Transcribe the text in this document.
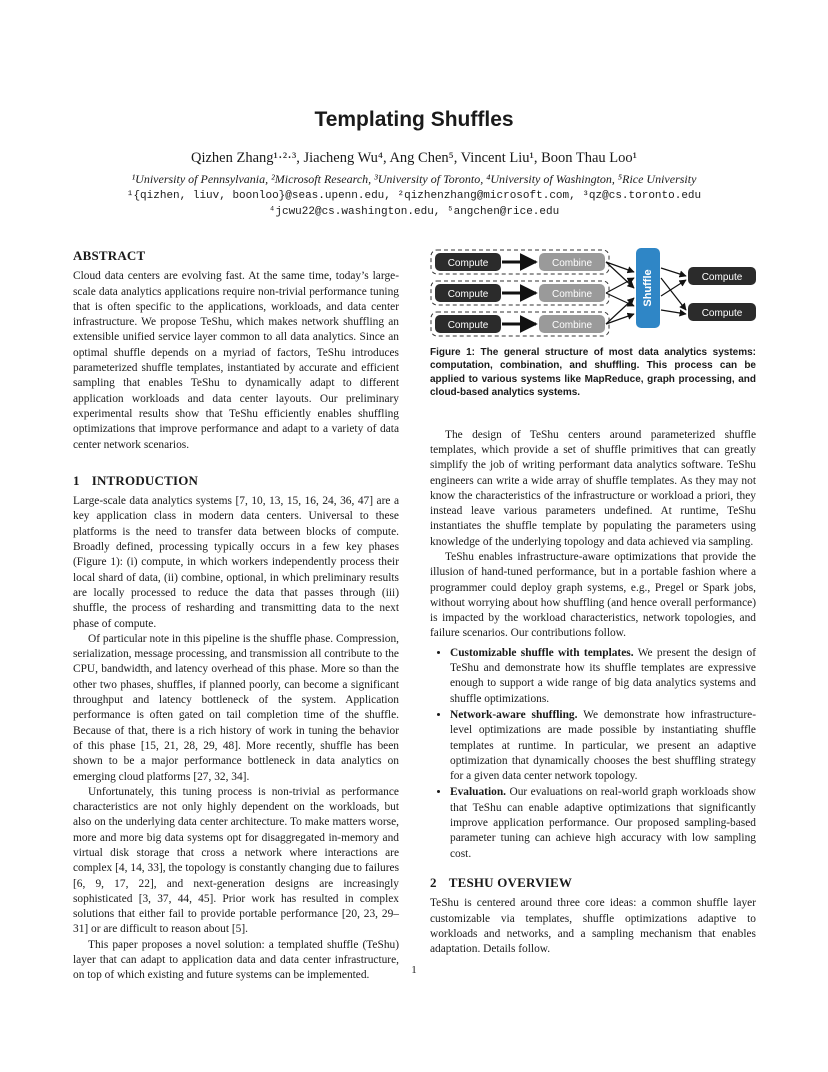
Templating Shuffles
Qizhen Zhang¹·²·³, Jiacheng Wu⁴, Ang Chen⁵, Vincent Liu¹, Boon Thau Loo¹
¹University of Pennsylvania, ²Microsoft Research, ³University of Toronto, ⁴University of Washington, ⁵Rice University
¹{qizhen, liuv, boonloo}@seas.upenn.edu, ²qizhenzhang@microsoft.com, ³qz@cs.toronto.edu
⁴jcwu22@cs.washington.edu, ⁵angchen@rice.edu
ABSTRACT

Cloud data centers are evolving fast. At the same time, today’s large-scale data analytics applications require non-trivial performance tuning that is often specific to the applications, workloads, and data center infrastructure. We propose TeShu, which makes network shuffling an extensible unified service layer common to all data analytics. Since an optimal shuffle depends on a myriad of factors, TeShu introduces parameterized shuffle templates, instantiated by accurate and efficient sampling that enables TeShu to dynamically adapt to different application workloads and data center layouts. Our preliminary experimental results show that TeShu efficiently enables shuffling optimizations that improve performance and adapt to a variety of data center network scenarios.

1 INTRODUCTION

Large-scale data analytics systems [7, 10, 13, 15, 16, 24, 36, 47] are a key application class in modern data centers. Universal to these platforms is the need to transfer data between blocks of compute. Broadly defined, processing typically occurs in a few key phases (Figure 1): (i) compute, in which workers independently process their local shard of data, (ii) combine, optional, in which preliminary results are locally processed to reduce the data that passes through (iii) shuffle, the process of resharding and transmitting data to the next phase of compute.

Of particular note in this pipeline is the shuffle phase. Compression, serialization, message processing, and transmission all contribute to the CPU, bandwidth, and latency overhead of this phase. More so than the other two phases, shuffles, if planned poorly, can become a significant throughput and latency bottleneck of the system. Application performance is often gated on tail completion time of the shuffle. Because of that, there is a rich history of work in tuning the behavior of this phase [15, 21, 28, 29, 48]. More recently, shuffle has been shown to be a major performance bottleneck in data analytics on emerging cloud platforms [27, 32, 34].

Unfortunately, this tuning process is non-trivial as performance characteristics are not only highly dependent on the workloads, but also on the underlying data center architecture. To make matters worse, more and more big data systems opt for disaggregated in-memory and virtual disk storage that cross a network where interactions are complex [4, 14, 33], the topology is constantly changing due to failures [6, 9, 17, 22], and next-generation designs are increasingly sophisticated [3, 37, 44, 45]. Prior work has resulted in complex solutions that either fail to provide portable performance [20, 23, 29–31] or are difficult to reason about [5].

This paper proposes a novel solution: a templated shuffle (TeShu) layer that can adapt to application data and data center infrastructure, on top of which existing and future systems can be implemented.

Compute
Compute
Compute
Combine
Combine
Combine
Shuffle	Compute
Compute
Figure 1: The general structure of most data analytics systems: computation, combination, and shuffling. This process can be applied to various systems like MapReduce, graph processing, and cloud-based analytics systems.

The design of TeShu centers around parameterized shuffle templates, which provide a set of shuffle primitives that can greatly simplify the job of writing performant data analytics software. TeShu engineers can write a wide array of shuffle templates. As they may not know the characteristics of the infrastructure or workload a priori, they instead leave various parameters undefined. At runtime, TeShu instantiates the shuffle template by populating the parameters using knowledge of the underlying topology and data achieved via sampling.

TeShu enables infrastructure-aware optimizations that provide the illusion of hand-tuned performance, but in a portable fashion where a programmer could deploy graph systems, e.g., Pregel or Spark jobs, without worrying about how shuffling (and hence overall performance) is impacted by the workload characteristics, network topologies, and failure scenarios. Our contributions follow.

• Customizable shuffle with templates. We present the design of TeShu and demonstrate how its shuffle templates are expressive enough to support a wide range of big data analytics systems and shuffle optimizations.
• Network-aware shuffling. We demonstrate how infrastructure-level optimizations are made possible by instantiating shuffle templates at runtime. In particular, we present an adaptive optimization that dynamically chooses the best shuffling strategy for a given data center network topology.
• Evaluation. Our evaluations on real-world graph workloads show that TeShu can enable adaptive optimizations that significantly improve application performance. Our proposed sampling-based parameter tuning can achieve high accuracy with low sampling cost.
2 TESHU OVERVIEW

TeShu is centered around three core ideas: a common shuffle layer customizable via templates, shuffle optimizations adaptive to workloads and networks, and a sampling mechanism that enables adaptation. Details follow.

1
